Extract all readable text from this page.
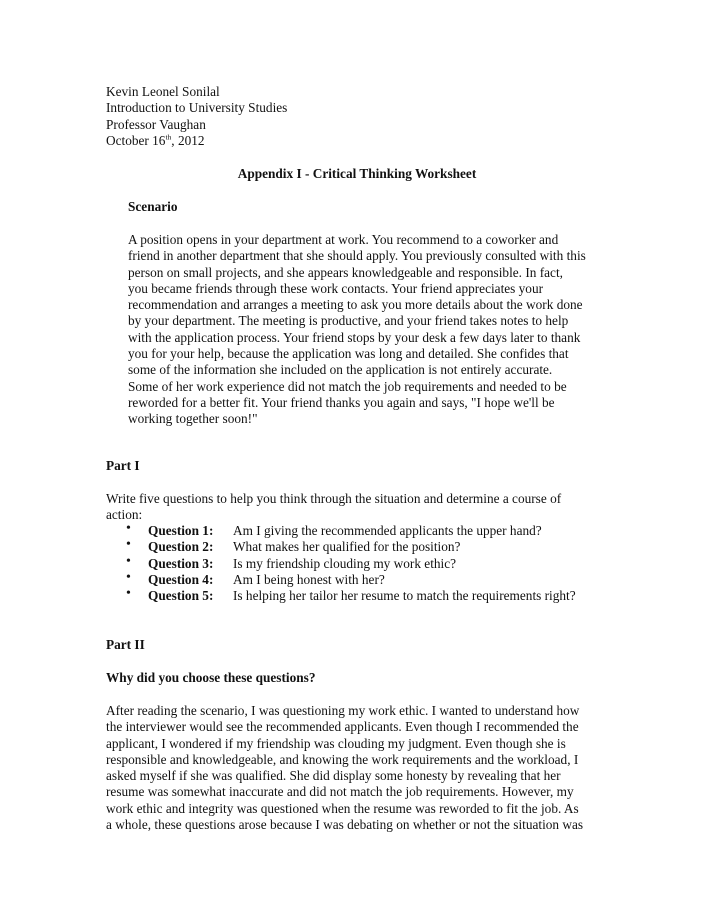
Kevin Leonel Sonilal
Introduction to University Studies
Professor Vaughan
October 16th, 2012
Appendix I - Critical Thinking Worksheet
Scenario
A position opens in your department at work. You recommend to a coworker and
friend in another department that she should apply. You previously consulted with this
person on small projects, and she appears knowledgeable and responsible. In fact,
you became friends through these work contacts. Your friend appreciates your
recommendation and arranges a meeting to ask you more details about the work done
by your department. The meeting is productive, and your friend takes notes to help
with the application process. Your friend stops by your desk a few days later to thank
you for your help, because the application was long and detailed. She confides that
some of the information she included on the application is not entirely accurate.
Some of her work experience did not match the job requirements and needed to be
reworded for a better fit. Your friend thanks you again and says, "I hope we'll be
working together soon!"
Part I
Write five questions to help you think through the situation and determine a course of
action:
• Question 1: Am I giving the recommended applicants the upper hand?
• Question 2: What makes her qualified for the position?
• Question 3: Is my friendship clouding my work ethic?
• Question 4: Am I being honest with her?
• Question 5: Is helping her tailor her resume to match the requirements right?
Part II
Why did you choose these questions?
After reading the scenario, I was questioning my work ethic. I wanted to understand how
the interviewer would see the recommended applicants. Even though I recommended the
applicant, I wondered if my friendship was clouding my judgment. Even though she is
responsible and knowledgeable, and knowing the work requirements and the workload, I
asked myself if she was qualified. She did display some honesty by revealing that her
resume was somewhat inaccurate and did not match the job requirements. However, my
work ethic and integrity was questioned when the resume was reworded to fit the job. As
a whole, these questions arose because I was debating on whether or not the situation was
